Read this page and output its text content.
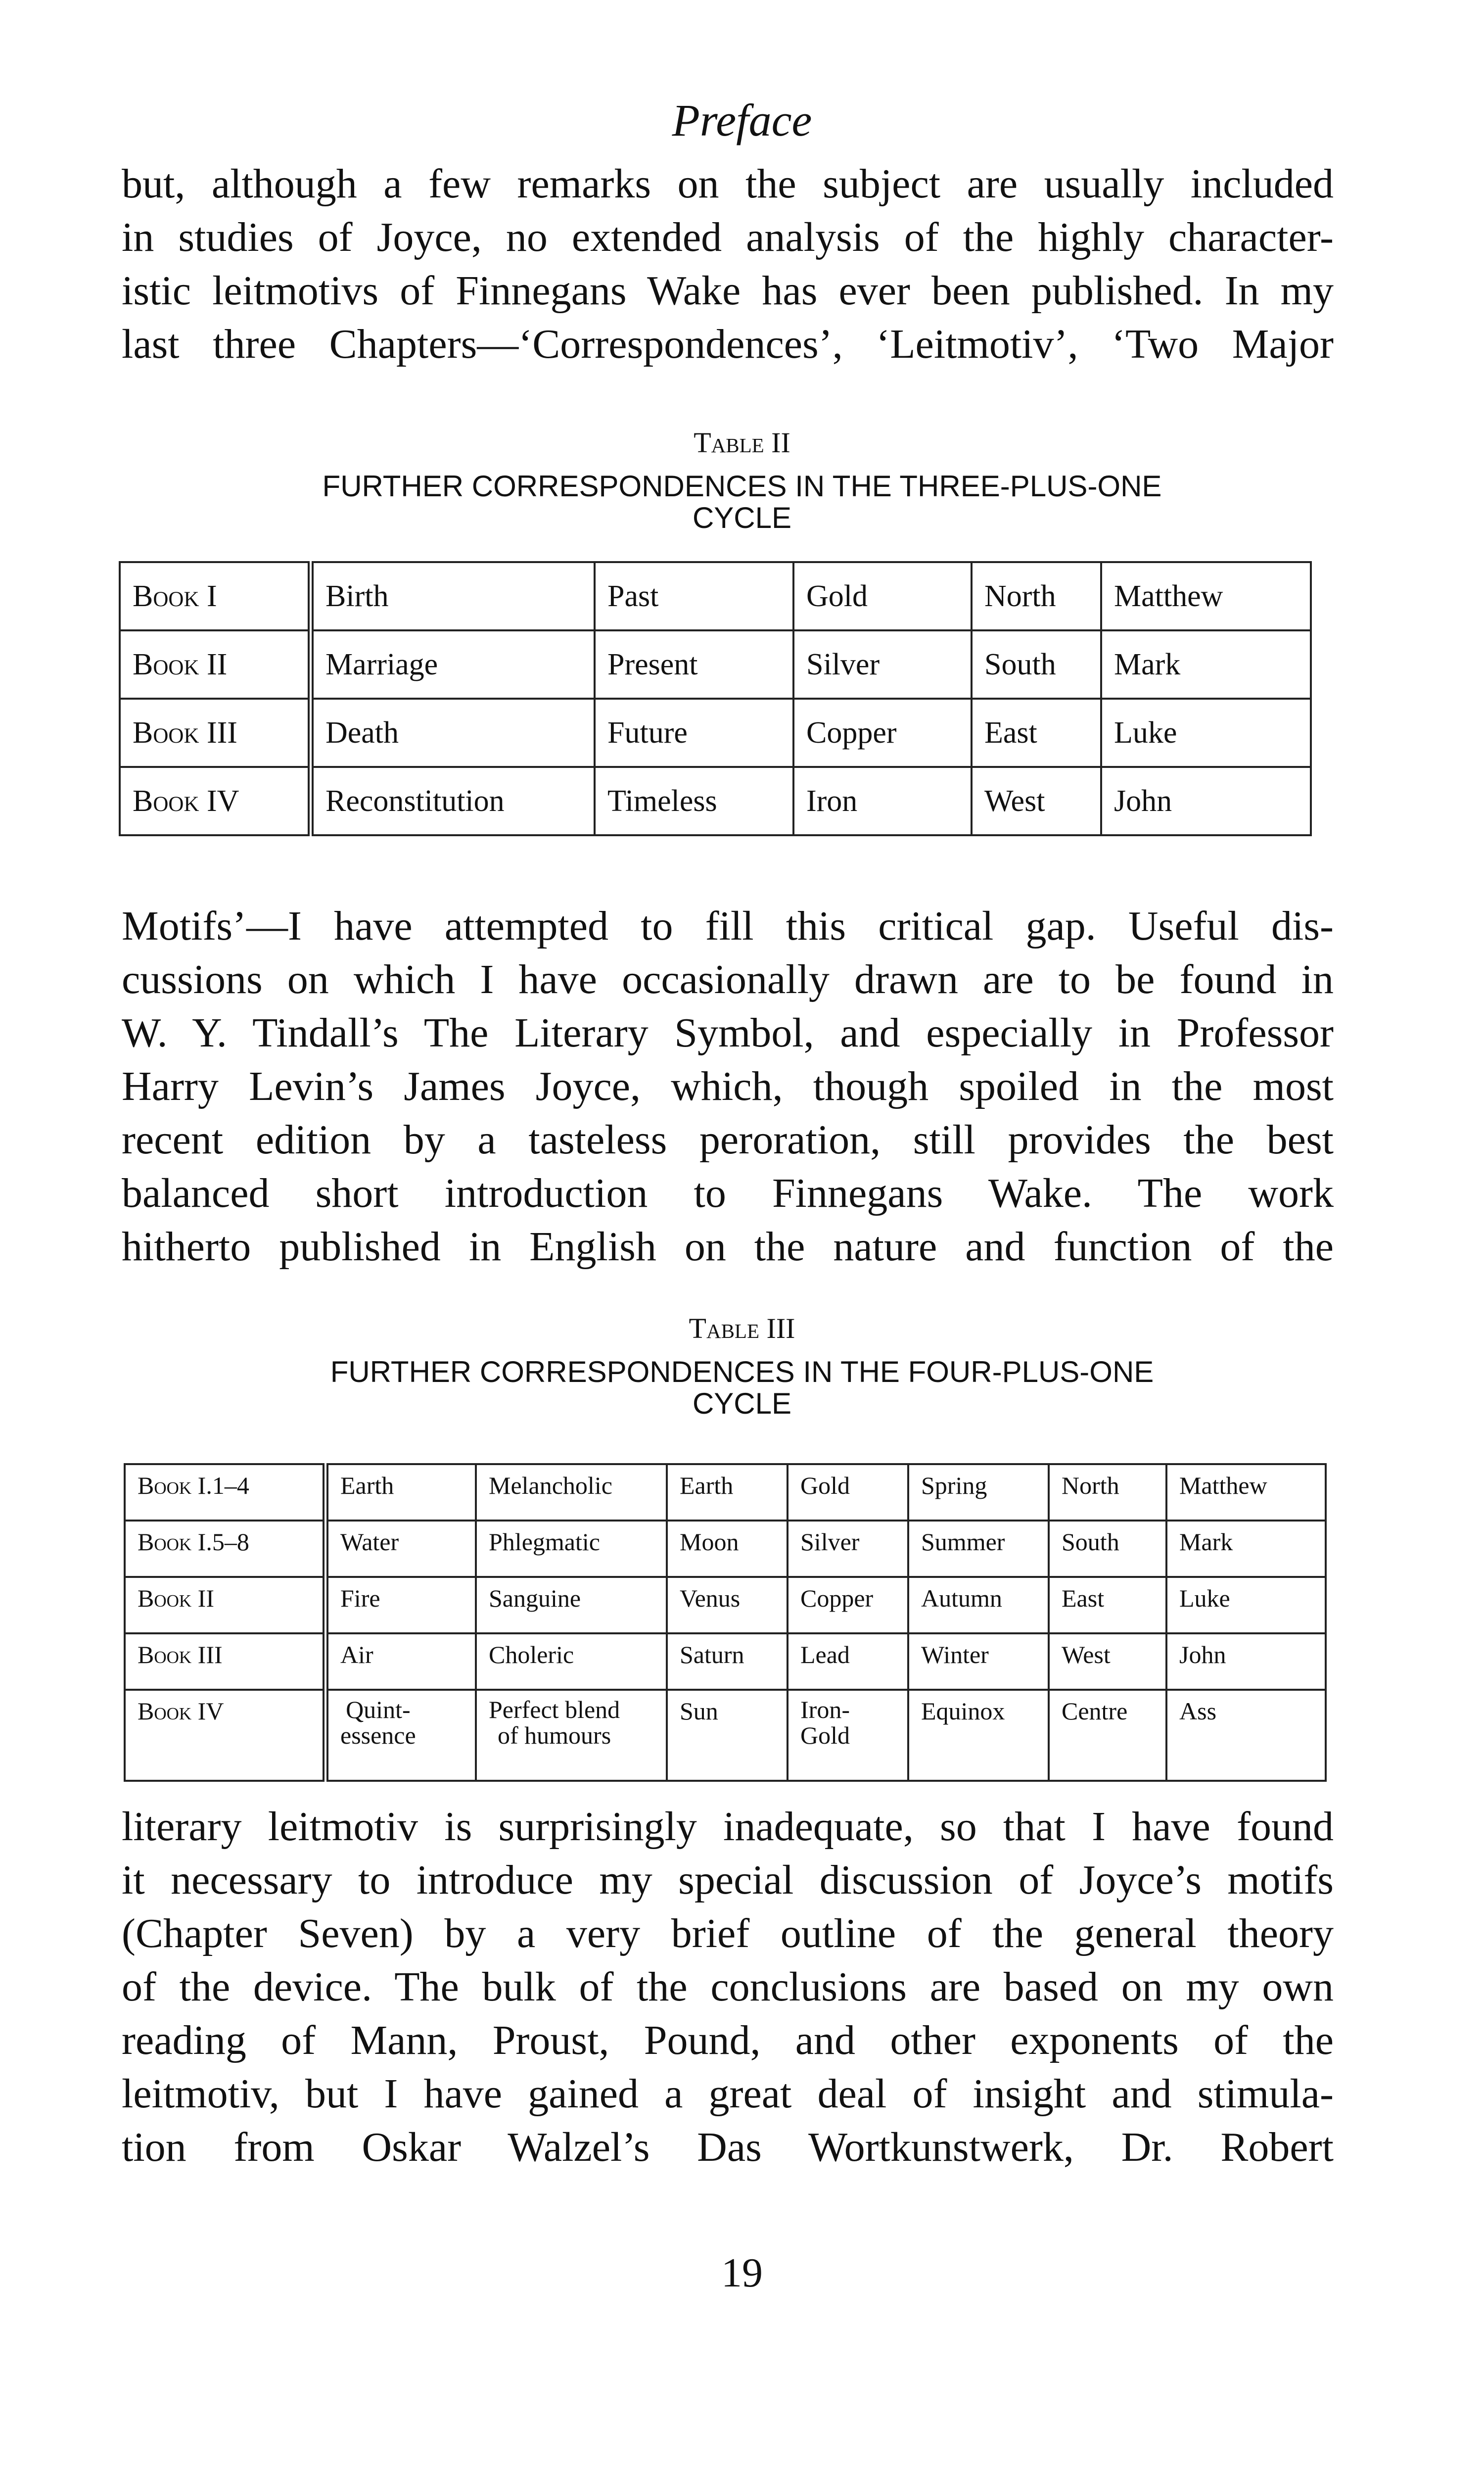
Preface
but, although a few remarks on the subject are usually included
in studies of Joyce, no extended analysis of the highly character-
istic leitmotivs of Finnegans Wake has ever been published. In my
last three Chapters—‘Correspondences’, ‘Leitmotiv’, ‘Two Major
Table II
FURTHER CORRESPONDENCES IN THE THREE-PLUS-ONE
CYCLE
Book I	Birth	Past	Gold	North	Matthew
Book II	Marriage	Present	Silver	South	Mark
Book III	Death	Future	Copper	East	Luke
Book IV	Reconstitution	Timeless	Iron	West	John
Motifs’—I have attempted to fill this critical gap. Useful dis-
cussions on which I have occasionally drawn are to be found in
W. Y. Tindall’s The Literary Symbol, and especially in Professor
Harry Levin’s James Joyce, which, though spoiled in the most
recent edition by a tasteless peroration, still provides the best
balanced short introduction to Finnegans Wake. The work
hitherto published in English on the nature and function of the
Table III
FURTHER CORRESPONDENCES IN THE FOUR-PLUS-ONE
CYCLE
Book I.1–4	Earth	Melancholic	Earth	Gold	Spring	North	Matthew
Book I.5–8	Water	Phlegmatic	Moon	Silver	Summer	South	Mark
Book II	Fire	Sanguine	Venus	Copper	Autumn	East	Luke
Book III	Air	Choleric	Saturn	Lead	Winter	West	John
Book IV	Quint-
essence	Perfect blend
of humours	Sun	Iron-
Gold	Equinox	Centre	Ass
literary leitmotiv is surprisingly inadequate, so that I have found
it necessary to introduce my special discussion of Joyce’s motifs
(Chapter Seven) by a very brief outline of the general theory
of the device. The bulk of the conclusions are based on my own
reading of Mann, Proust, Pound, and other exponents of the
leitmotiv, but I have gained a great deal of insight and stimula-
tion from Oskar Walzel’s Das Wortkunstwerk, Dr. Robert
19
